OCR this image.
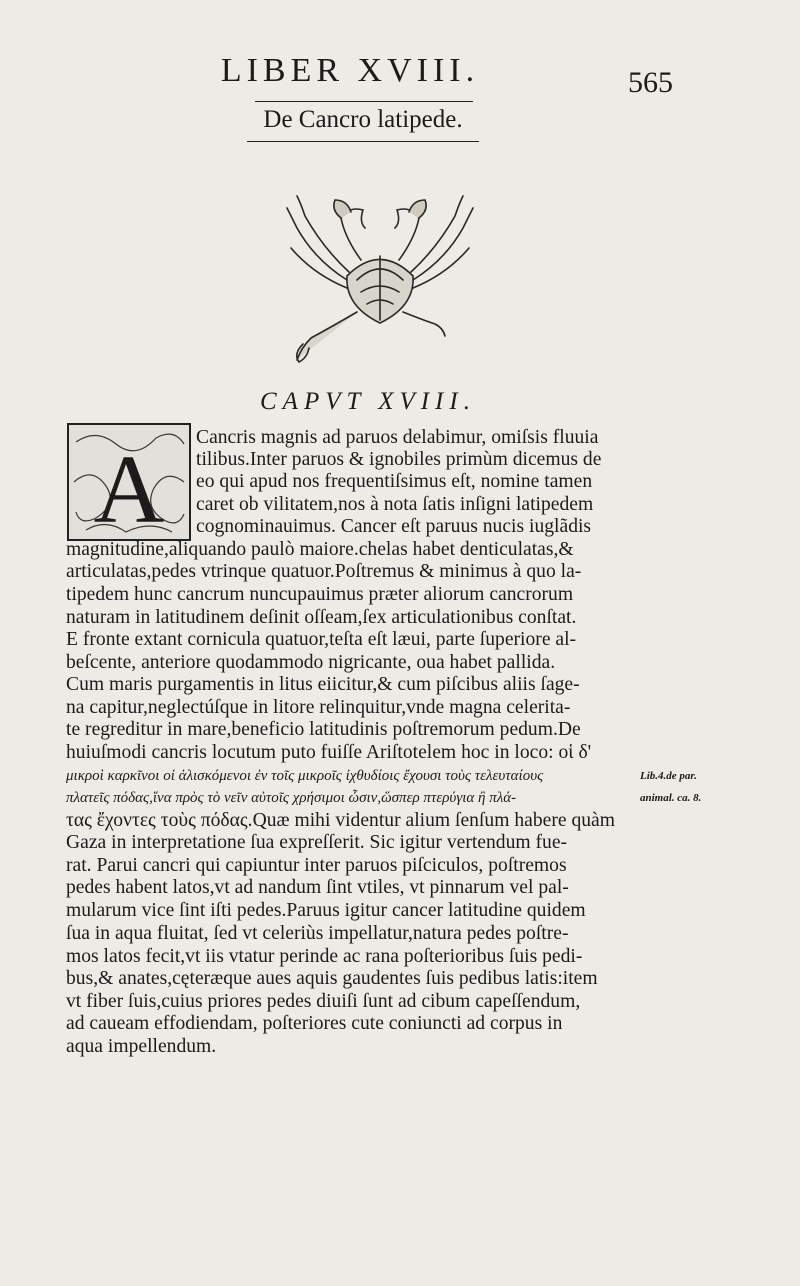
LIBER XVIII.	565
De Cancro latipede.
CAPVT XVIII.
A Cancris magnis ad paruos delabimur, omiſsis fluuia
tilibus.Inter paruos & ignobiles primùm dicemus de
eo qui apud nos frequentiſsimus eſt, nomine tamen
caret ob vilitatem,nos à nota ſatis inſigni latipedem
cognominauimus. Cancer eſt paruus nucis iuglãdis
magnitudine,aliquando paulò maiore.chelas habet denticulatas,&
articulatas,pedes vtrinque quatuor.Poſtremus & minimus à quo la-
tipedem hunc cancrum nuncupauimus præter aliorum cancrorum
naturam in latitudinem deſinit oſſeam,ſex articulationibus conſtat.
E fronte extant cornicula quatuor,teſta eſt læui, parte ſuperiore al-
beſcente, anteriore quodammodo nigricante, oua habet pallida.
Cum maris purgamentis in litus eiicitur,& cum piſcibus aliis ſage-
na capitur,neglectúſque in litore relinquitur,vnde magna celerita-
te regreditur in mare,beneficio latitudinis poſtremorum pedum.De
huiuſmodi cancris locutum puto fuiſſe Ariſtotelem hoc in loco: οἱ δ'
μικροὶ καρκῖνοι οἱ ἁλισκόμενοι ἐν τοῖς μικροῖς ἰχθυδίοις ἔχουσι τοὺς τελευταίους
πλατεῖς πόδας,ἵνα πρὸς τὸ νεῖν αὐτοῖς χρήσιμοι ὦσιν,ὥσπερ πτερύγια ἢ πλά-
τας ἔχοντες τοὺς πόδας.Quæ mihi videntur alium ſenſum habere quàm
Gaza in interpretatione ſua expreſſerit. Sic igitur vertendum fue-
rat. Parui cancri qui capiuntur inter paruos piſciculos, poſtremos
pedes habent latos,vt ad nandum ſint vtiles, vt pinnarum vel pal-
mularum vice ſint iſti pedes.Paruus igitur cancer latitudine quidem
ſua in aqua fluitat, ſed vt celeriùs impellatur,natura pedes poſtre-
mos latos fecit,vt iis vtatur perinde ac rana poſterioribus ſuis pedi-
bus,& anates,cęteræque aues aquis gaudentes ſuis pedibus latis:item
vt fiber ſuis,cuius priores pedes diuiſi ſunt ad cibum capeſſendum,
ad caueam effodiendam, poſteriores cute coniuncti ad corpus in
aqua impellendum.
Lib.4.de par.
animal. ca. 8.
